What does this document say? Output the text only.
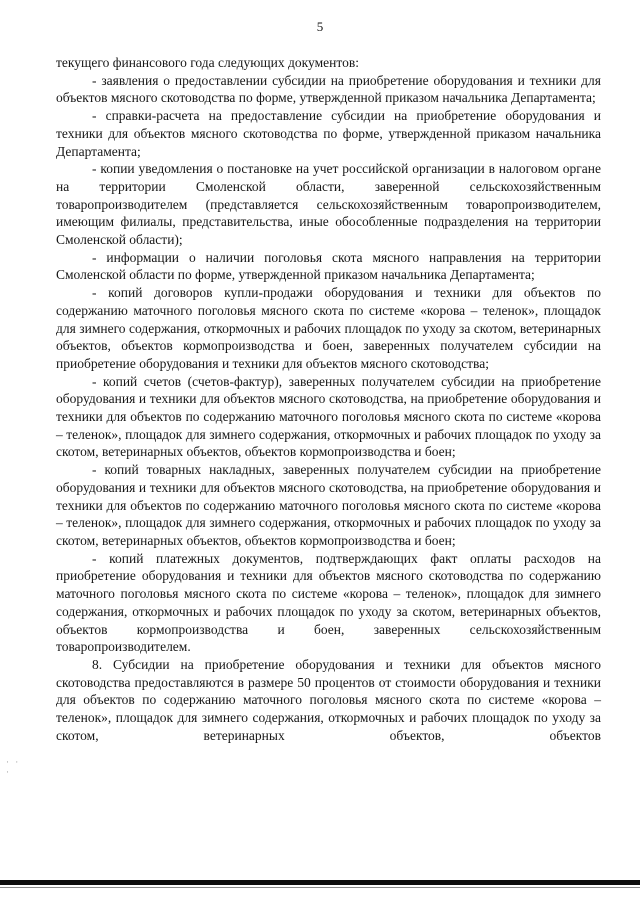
5

текущего финансового года следующих документов:

- заявления о предоставлении субсидии на приобретение оборудования и техники для объектов мясного скотоводства по форме, утвержденной приказом начальника Департамента;

- справки-расчета на предоставление субсидии на приобретение оборудования и техники для объектов мясного скотоводства по форме, утвержденной приказом начальника Департамента;

- копии уведомления о постановке на учет российской организации в налоговом органе на территории Смоленской области, заверенной сельскохозяйственным товаропроизводителем (представляется сельскохозяйственным товаропроизводителем, имеющим филиалы, представительства, иные обособленные подразделения на территории Смоленской области);

- информации о наличии поголовья скота мясного направления на территории Смоленской области по форме, утвержденной приказом начальника Департамента;

- копий договоров купли-продажи оборудования и техники для объектов по содержанию маточного поголовья мясного скота по системе «корова – теленок», площадок для зимнего содержания, откормочных и рабочих площадок по уходу за скотом, ветеринарных объектов, объектов кормопроизводства и боен, заверенных получателем субсидии на приобретение оборудования и техники для объектов мясного скотоводства;

- копий счетов (счетов-фактур), заверенных получателем субсидии на приобретение оборудования и техники для объектов мясного скотоводства, на приобретение оборудования и техники для объектов по содержанию маточного поголовья мясного скота по системе «корова – теленок», площадок для зимнего содержания, откормочных и рабочих площадок по уходу за скотом, ветеринарных объектов, объектов кормопроизводства и боен;

- копий товарных накладных, заверенных получателем субсидии на приобретение оборудования и техники для объектов мясного скотоводства, на приобретение оборудования и техники для объектов по содержанию маточного поголовья мясного скота по системе «корова – теленок», площадок для зимнего содержания, откормочных и рабочих площадок по уходу за скотом, ветеринарных объектов, объектов кормопроизводства и боен;

- копий платежных документов, подтверждающих факт оплаты расходов на приобретение оборудования и техники для объектов мясного скотоводства по содержанию маточного поголовья мясного скота по системе «корова – теленок», площадок для зимнего содержания, откормочных и рабочих площадок по уходу за скотом, ветеринарных объектов, объектов кормопроизводства и боен, заверенных сельскохозяйственным товаропроизводителем.

8. Субсидии на приобретение оборудования и техники для объектов мясного скотоводства предоставляются в размере 50 процентов от стоимости оборудования и техники для объектов по содержанию маточного поголовья мясного скота по системе «корова – теленок», площадок для зимнего содержания, откормочных и рабочих площадок по уходу за скотом, ветеринарных объектов, объектов

· ·
·
